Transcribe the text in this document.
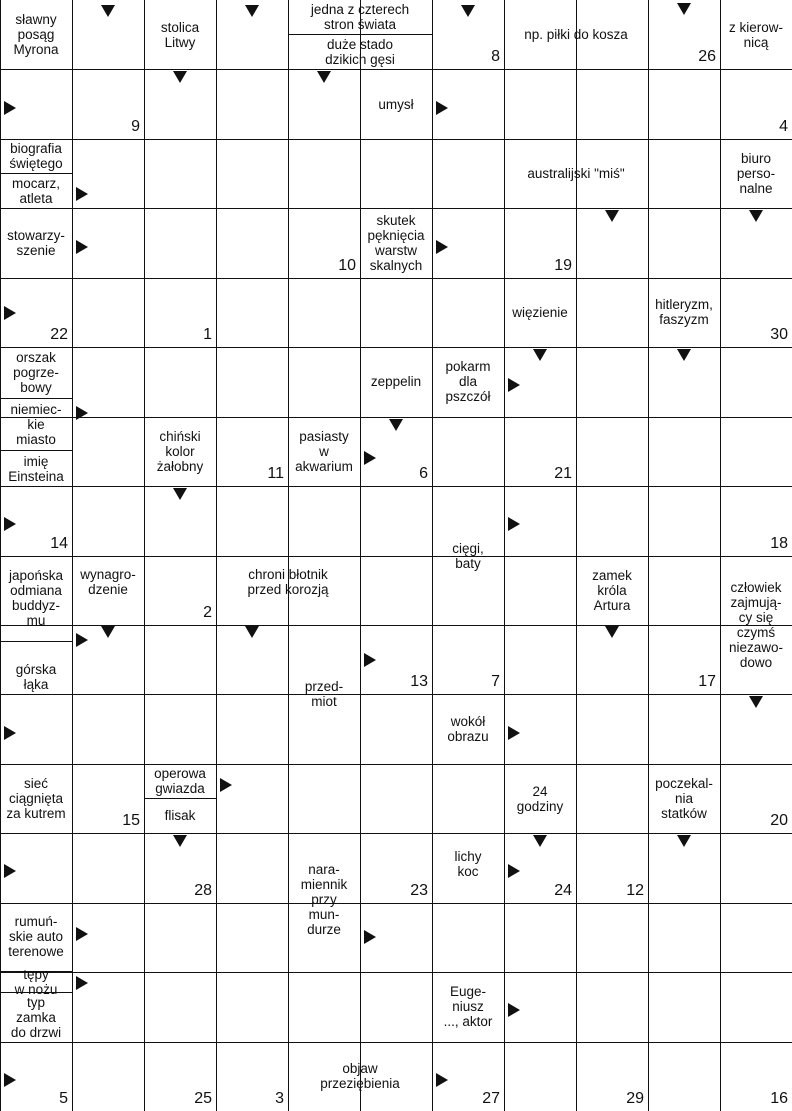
sławny
posąg
Myrona
stolica
Litwy
jedna z czterech
stron świata
duże stado
dzikich gęsi
np. piłki do kosza	z kierow-
nicą
umysł
biografia
świętego
mocarz,
atleta
australijski "miś"
biuro
perso-
nalne
stowarzy-
szenie
skutek
pęknięcia
warstw
skalnych
więzienie	hitleryzm,
faszyzm
orszak
pogrze-
bowy
niemiec-
kie
miasto
zeppelin
pokarm
dla
pszczół
chiński
kolor
żałobny
pasiasty
w
akwarium
imię
Einsteina
cięgi,
baty
japońska
odmiana
buddyz-
mu
wynagro-
dzenie
chroni błotnik
przed korozją
zamek
króla
Artura
człowiek
zajmują-
cy się
czymś
niezawo-
dowo
górska
łąka	przed-
miot
wokół
obrazu
sieć
ciągnięta
za kutrem
operowa
gwiazda
flisak
24
godziny
poczekal-
nia
statków
nara-
miennik
przy
mun-
durze
lichy
koc
rumuń-
skie auto
terenowe
tępy
w nożu
typ
zamka
do drzwi
Euge-
niusz
..., aktor
objaw
przeziębienia
8	26
9	4
10	19
22	1	30
6
11	21
14	18
2
13	7	17
15	20
28	23	24	12
5	25	3	27	29	16
